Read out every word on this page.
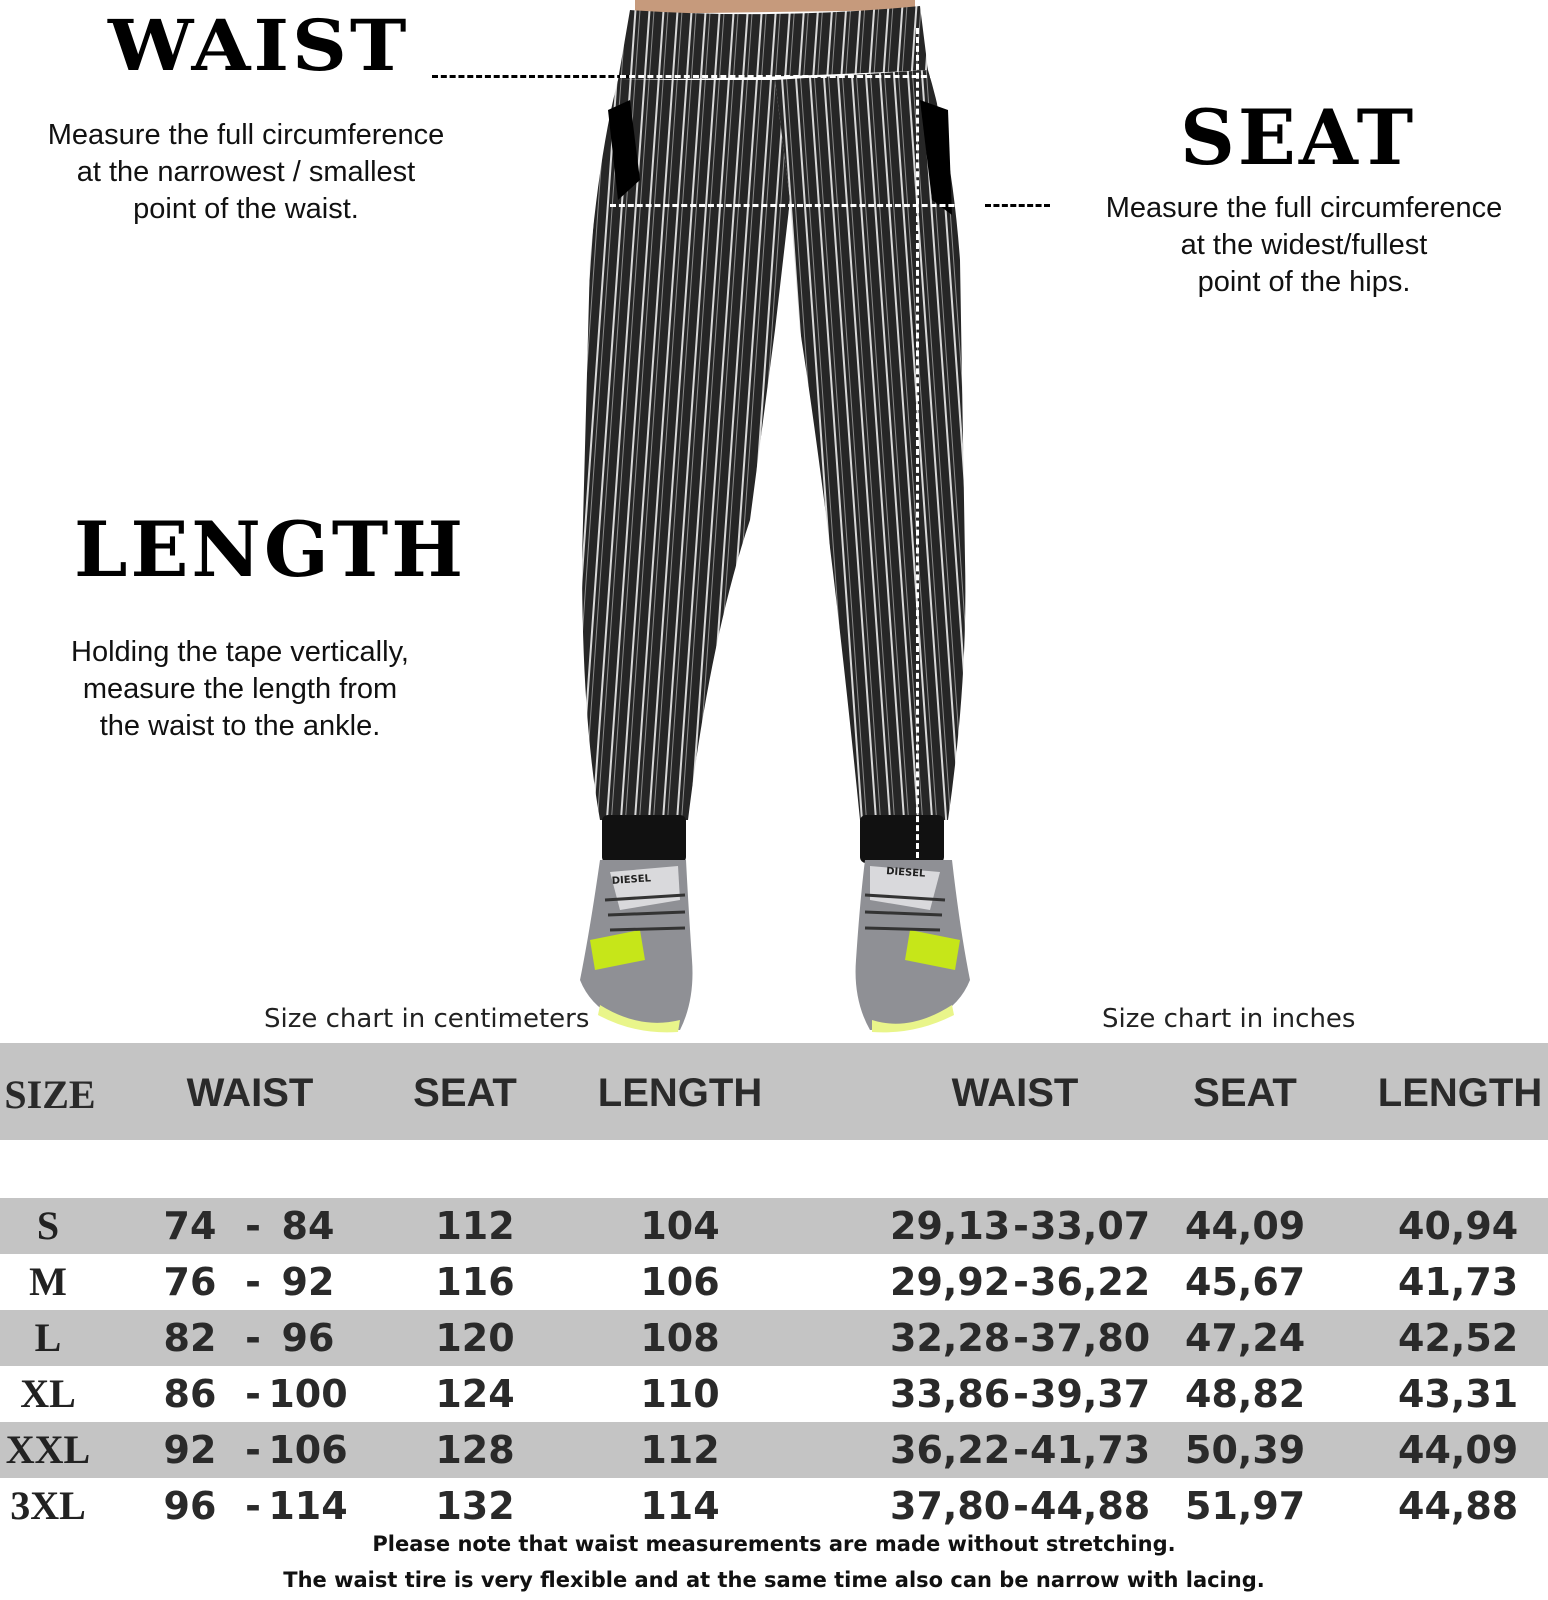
WAIST
Measure the full circumference
at the narrowest / smallest
point of the waist.
SEAT
Measure the full circumference
at the widest/fullest
point of the hips.
LENGTH
Holding the tape vertically,
measure the length from
the waist to the ankle.
DIESEL
DIESEL
Size chart in centimeters	Size chart in inches
SIZE	WAIST	SEAT	LENGTH	WAIST	SEAT	LENGTH
S	74 - 84	112	104	29,13 - 33,07 44,09 40,94
M	76 - 92	116	106	29,92 - 36,22 45,67 41,73
L	82 - 96	120	108	32,28 - 37,80 47,24 42,52
XL	86 - 100	124	110	33,86 - 39,37 48,82 43,31
XXL 92 - 106	128	112	36,22 - 41,73 50,39 44,09
3XL 96 - 114	132	114	37,80 - 44,88 51,97 44,88
Please note that waist measurements are made without stretching.
The waist tire is very flexible and at the same time also can be narrow with lacing.
